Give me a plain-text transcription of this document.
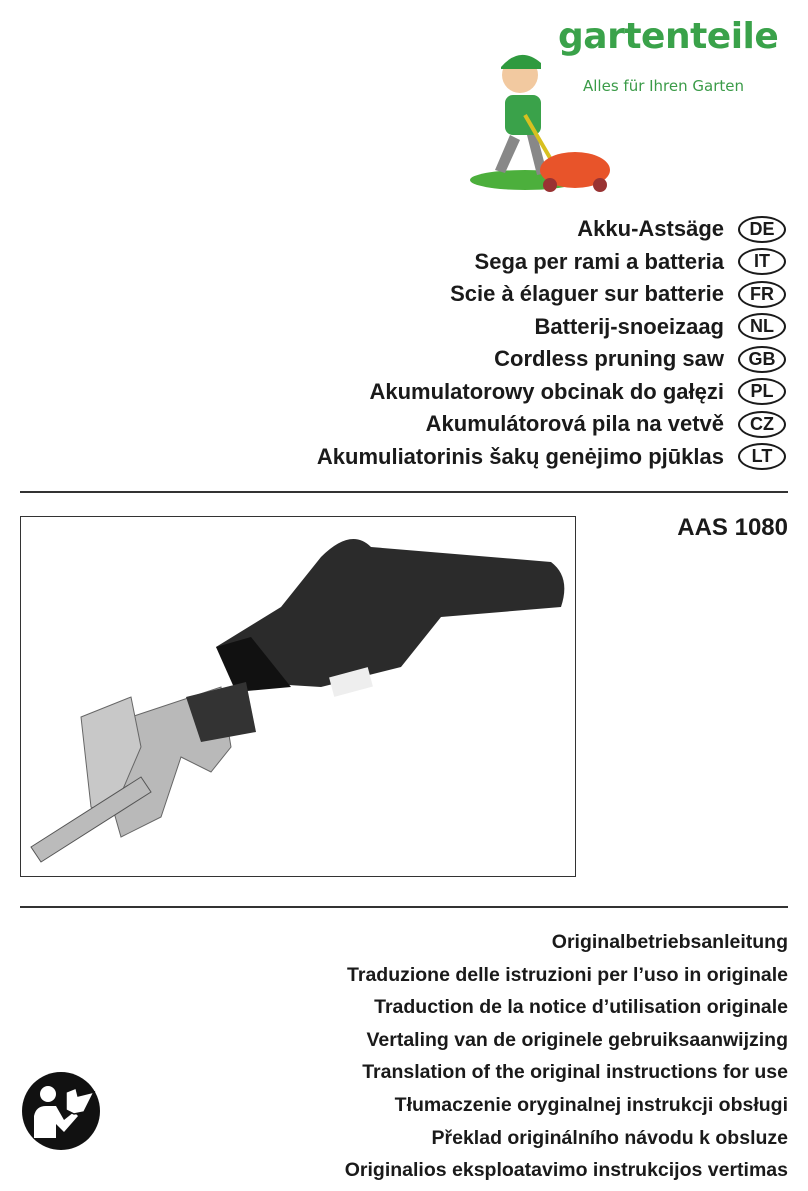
gartenteile
Alles für Ihren Garten
Akku-Astsäge	DE
Sega per rami a batteria	IT
Scie à élaguer sur batterie	FR
Batterij-snoeizaag	NL
Cordless pruning saw	GB
Akumulatorowy obcinak do gałęzi	PL
Akumulátorová pila na vetvě	CZ
Akumuliatorinis šakų genėjimo pjūklas	LT
AAS 1080
Originalbetriebsanleitung
Traduzione delle istruzioni per l’uso in originale
Traduction de la notice d’utilisation originale
Vertaling van de originele gebruiksaanwijzing
Translation of the original instructions for use
Tłumaczenie oryginalnej instrukcji obsługi
Překlad originálního návodu k obsluze
Originalios eksploatavimo instrukcijos vertimas
